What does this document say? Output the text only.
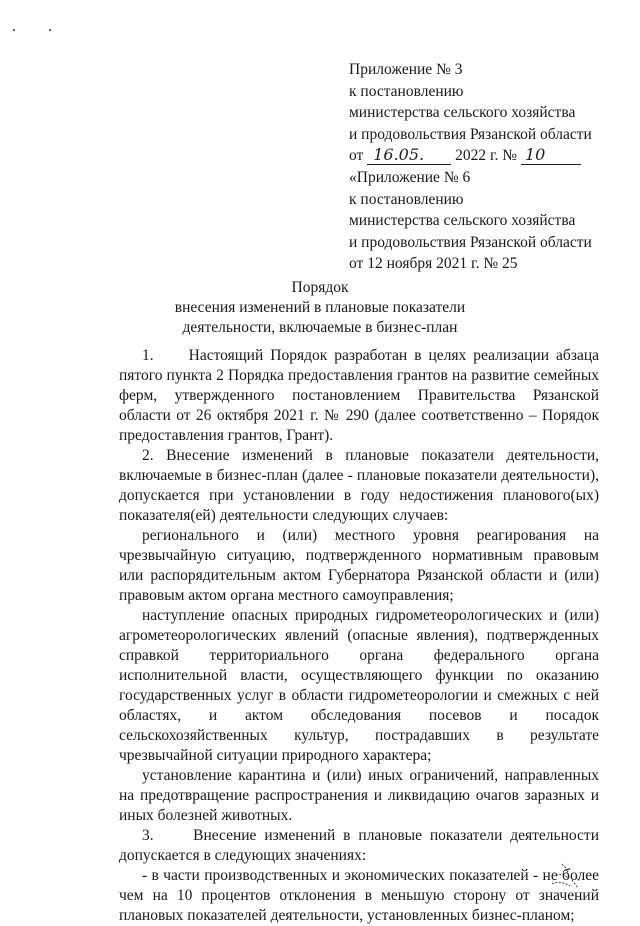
Приложение № 3
к постановлению
министерства сельского хозяйства
и продовольствия Рязанской области
от 16.05. 2022 г. № 10
«Приложение № 6
к постановлению
министерства сельского хозяйства
и продовольствия Рязанской области
от 12 ноября 2021 г. № 25
Порядок
внесения изменений в плановые показатели
деятельности, включаемые в бизнес-план

1.     Настоящий Порядок разработан в целях реализации абзаца пятого пункта 2 Порядка предоставления грантов на развитие семейных ферм, утвержденного постановлением Правительства Рязанской области от 26 октября 2021 г. № 290 (далее соответственно – Порядок предоставления грантов, Грант).

2. Внесение изменений в плановые показатели деятельности, включаемые в бизнес-план (далее - плановые показатели деятельности), допускается при установлении в году недостижения планового(ых) показателя(ей) деятельности следующих случаев:

регионального и (или) местного уровня реагирования на чрезвычайную ситуацию, подтвержденного нормативным правовым или распорядительным актом Губернатора Рязанской области и (или) правовым актом органа местного самоуправления;

наступление опасных природных гидрометеорологических и (или) агрометеорологических явлений (опасные явления), подтвержденных справкой территориального органа федерального органа исполнительной власти, осуществляющего функции по оказанию государственных услуг в области гидрометеорологии и смежных с ней областях, и актом обследования посевов и посадок сельскохозяйственных культур, пострадавших в результате чрезвычайной ситуации природного характера;

установление карантина и (или) иных ограничений, направленных на предотвращение распространения и ликвидацию очагов заразных и иных болезней животных.

3.     Внесение изменений в плановые показатели деятельности допускается в следующих значениях:

- в части производственных и экономических показателей - не более чем на 10 процентов отклонения в меньшую сторону от значений плановых показателей деятельности, установленных бизнес-планом;
